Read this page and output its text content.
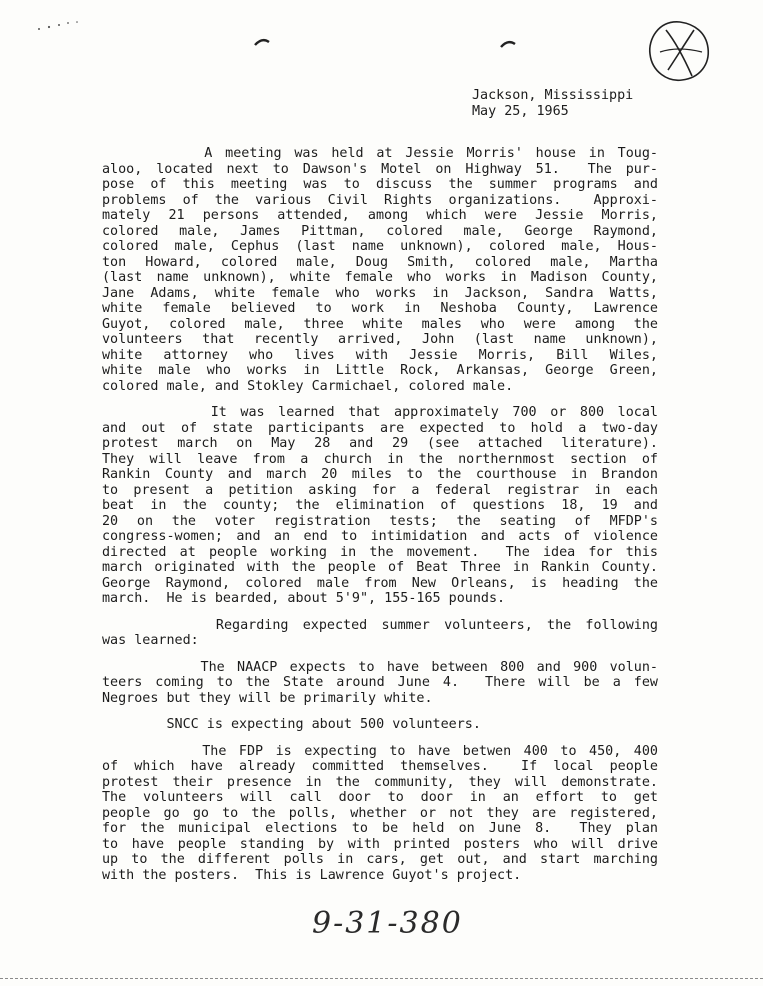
Jackson, Mississippi
May 25, 1965
A meeting was held at Jessie Morris' house in Toug-
aloo, located next to Dawson's Motel on Highway 51.  The pur-
pose of this meeting was to discuss the summer programs and
problems of the various Civil Rights organizations.  Approxi-
mately 21 persons attended, among which were Jessie Morris,
colored male, James Pittman, colored male, George Raymond,
colored male, Cephus (last name unknown), colored male, Hous-
ton Howard, colored male, Doug Smith, colored male, Martha
(last name unknown), white female who works in Madison County,
Jane Adams, white female who works in Jackson, Sandra Watts,
white female believed to work in Neshoba County, Lawrence
Guyot, colored male, three white males who were among the
volunteers that recently arrived, John (last name unknown),
white attorney who lives with Jessie Morris, Bill Wiles,
white male who works in Little Rock, Arkansas, George Green,
colored male, and Stokley Carmichael, colored male.
It was learned that approximately 700 or 800 local
and out of state participants are expected to hold a two-day
protest march on May 28 and 29 (see attached literature).
They will leave from a church in the northernmost section of
Rankin County and march 20 miles to the courthouse in Brandon
to present a petition asking for a federal registrar in each
beat in the county; the elimination of questions 18, 19 and
20 on the voter registration tests; the seating of MFDP's
congress-women; and an end to intimidation and acts of violence
directed at people working in the movement.  The idea for this
march originated with the people of Beat Three in Rankin County.
George Raymond, colored male from New Orleans, is heading the
march.  He is bearded, about 5'9", 155-165 pounds.
Regarding expected summer volunteers, the following
was learned:
The NAACP expects to have between 800 and 900 volun-
teers coming to the State around June 4.  There will be a few
Negroes but they will be primarily white.
SNCC is expecting about 500 volunteers.
The FDP is expecting to have betwen 400 to 450, 400
of which have already committed themselves.  If local people
protest their presence in the community, they will demonstrate.
The volunteers will call door to door in an effort to get
people go go to the polls, whether or not they are registered,
for the municipal elections to be held on June 8.  They plan
to have people standing by with printed posters who will drive
up to the different polls in cars, get out, and start marching
with the posters.  This is Lawrence Guyot's project.
9-31-380
